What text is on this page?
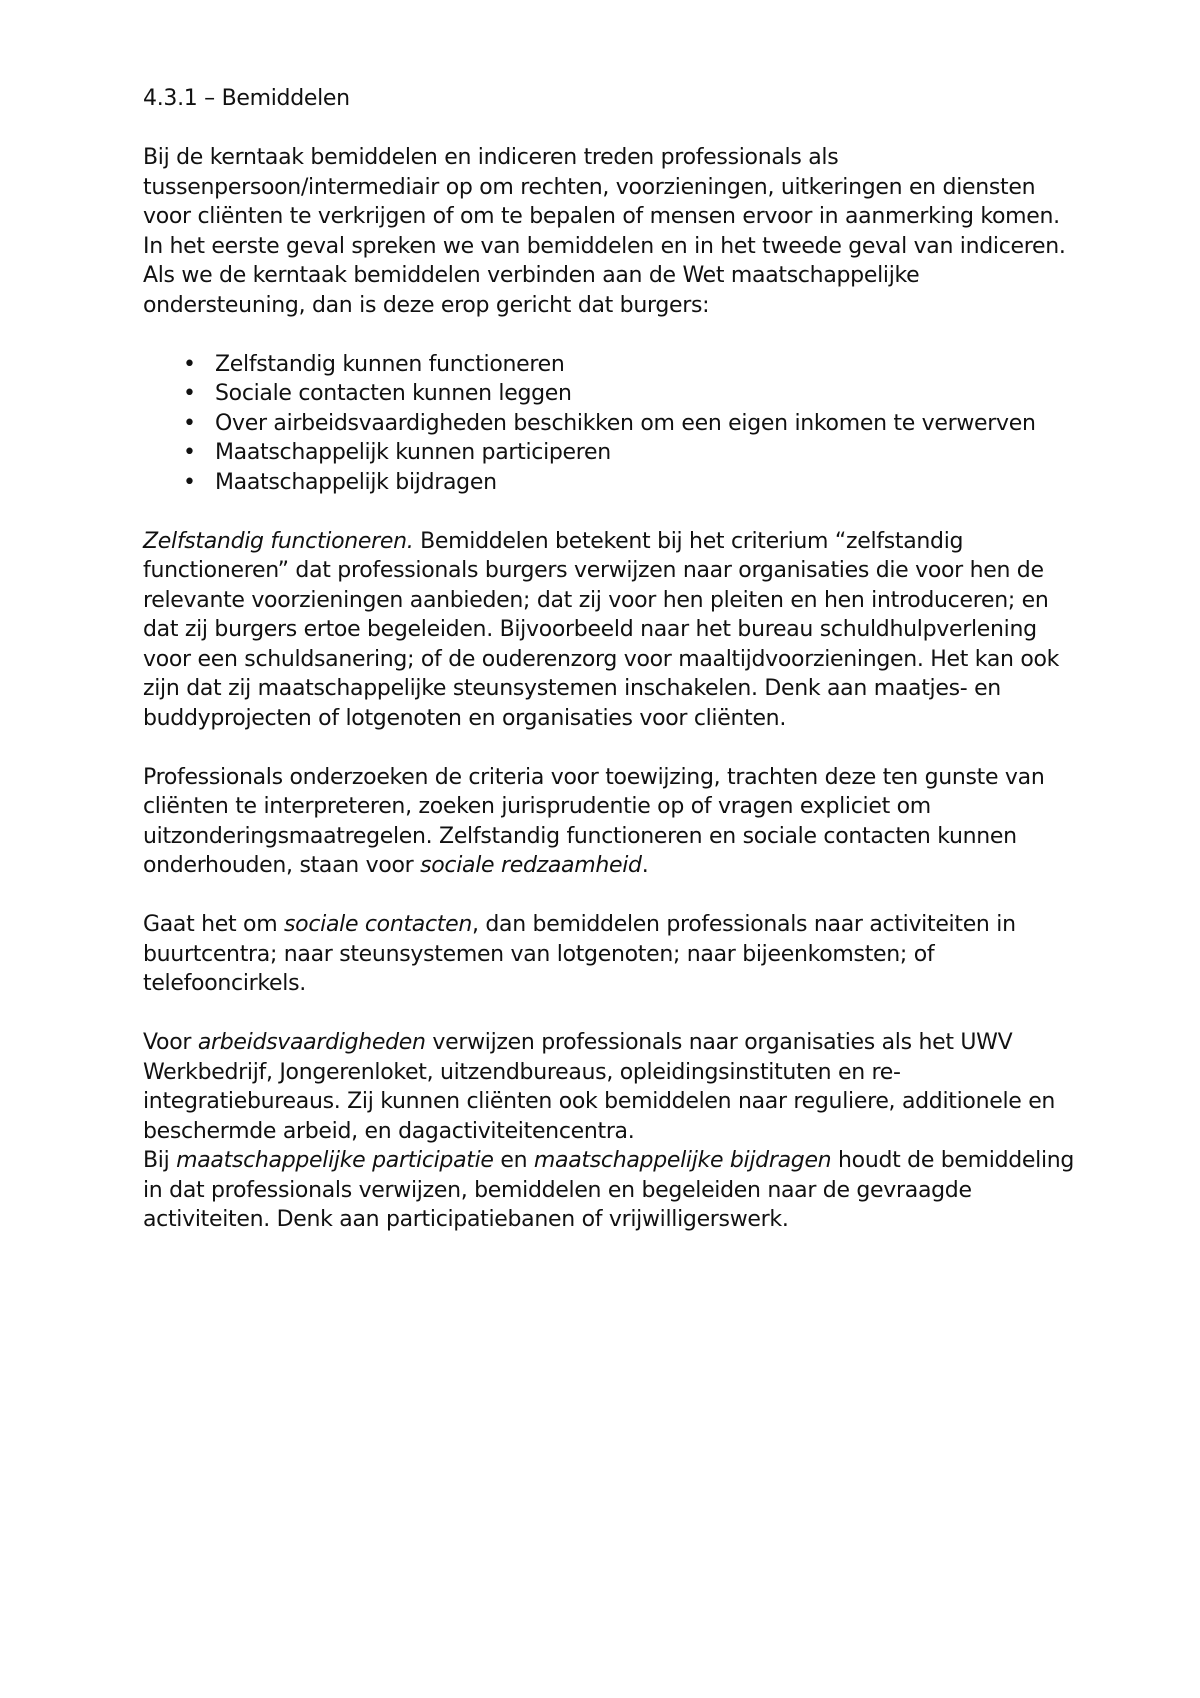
4.3.1 – Bemiddelen

Bij de kerntaak bemiddelen en indiceren treden professionals als tussenpersoon/intermediair op om rechten, voorzieningen, uitkeringen en diensten voor cliënten te verkrijgen of om te bepalen of mensen ervoor in aanmerking komen. In het eerste geval spreken we van bemiddelen en in het tweede geval van indiceren.

Als we de kerntaak bemiddelen verbinden aan de Wet maatschappelijke ondersteuning, dan is deze erop gericht dat burgers:

• Zelfstandig kunnen functioneren
• Sociale contacten kunnen leggen
• Over airbeidsvaardigheden beschikken om een eigen inkomen te verwerven
• Maatschappelijk kunnen participeren
• Maatschappelijk bijdragen

Zelfstandig functioneren. Bemiddelen betekent bij het criterium “zelfstandig functioneren” dat professionals burgers verwijzen naar organisaties die voor hen de relevante voorzieningen aanbieden; dat zij voor hen pleiten en hen introduceren; en dat zij burgers ertoe begeleiden. Bijvoorbeeld naar het bureau schuldhulpverlening voor een schuldsanering; of de ouderenzorg voor maaltijdvoorzieningen. Het kan ook zijn dat zij maatschappelijke steunsystemen inschakelen. Denk aan maatjes- en buddyprojecten of lotgenoten en organisaties voor cliënten.

Professionals onderzoeken de criteria voor toewijzing, trachten deze ten gunste van cliënten te interpreteren, zoeken jurisprudentie op of vragen expliciet om uitzonderingsmaatregelen. Zelfstandig functioneren en sociale contacten kunnen onderhouden, staan voor sociale redzaamheid.

Gaat het om sociale contacten, dan bemiddelen professionals naar activiteiten in buurtcentra; naar steunsystemen van lotgenoten; naar bijeenkomsten; of telefooncirkels.

Voor arbeidsvaardigheden verwijzen professionals naar organisaties als het UWV Werkbedrijf, Jongerenloket, uitzendbureaus, opleidingsinstituten en re-integratiebureaus. Zij kunnen cliënten ook bemiddelen naar reguliere, additionele en beschermde arbeid, en dagactiviteitencentra.

Bij maatschappelijke participatie en maatschappelijke bijdragen houdt de bemiddeling in dat professionals verwijzen, bemiddelen en begeleiden naar de gevraagde activiteiten. Denk aan participatiebanen of vrijwilligerswerk.
